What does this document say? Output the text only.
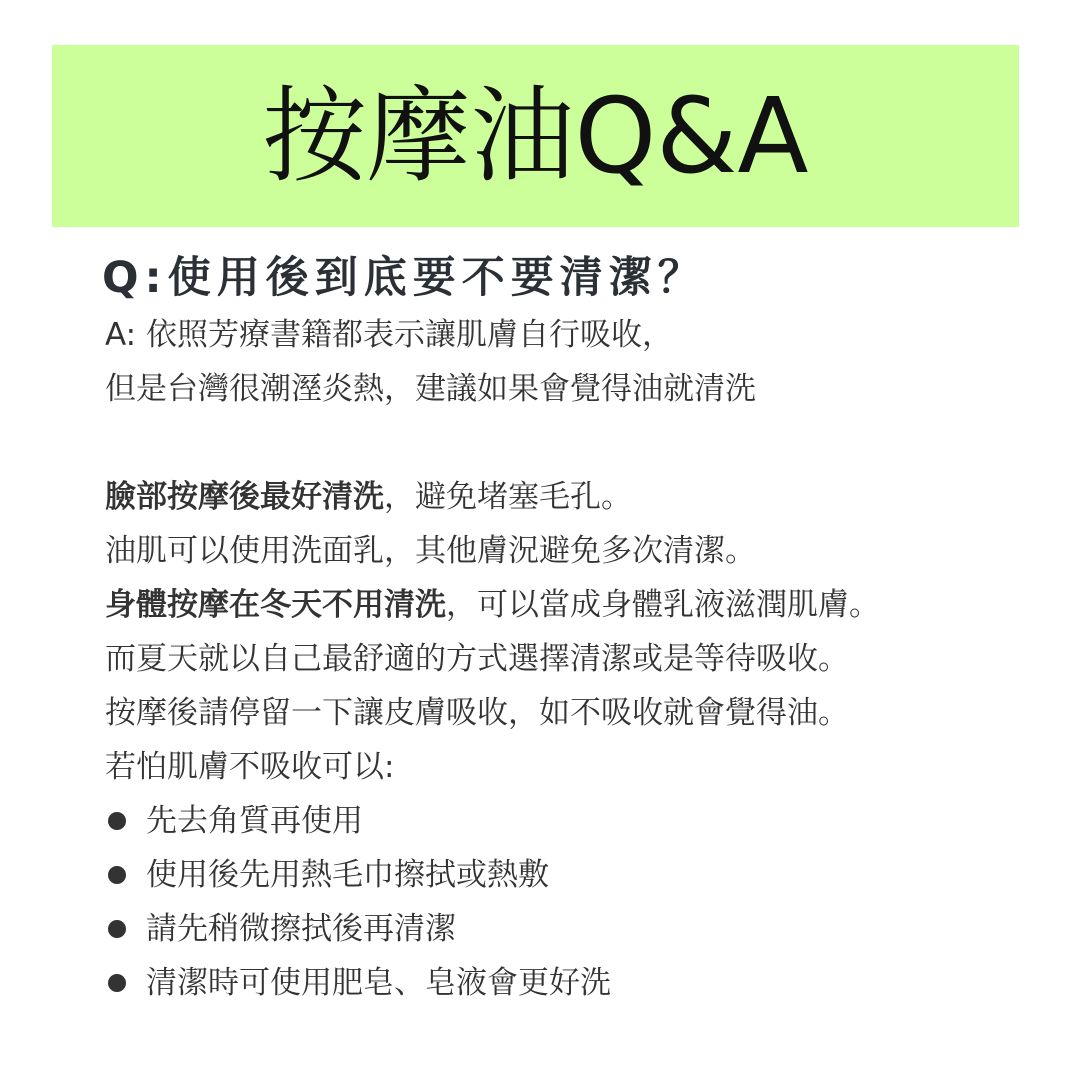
按摩油Q&A
Q:使用後到底要不要清潔？
A: 依照芳療書籍都表示讓肌膚自行吸收，
但是台灣很潮溼炎熱，建議如果會覺得油就清洗
臉部按摩後最好清洗，避免堵塞毛孔。
油肌可以使用洗面乳，其他膚況避免多次清潔。
身體按摩在冬天不用清洗，可以當成身體乳液滋潤肌膚。
而夏天就以自己最舒適的方式選擇清潔或是等待吸收。
按摩後請停留一下讓皮膚吸收，如不吸收就會覺得油。
若怕肌膚不吸收可以:
先去角質再使用
使用後先用熱毛巾擦拭或熱敷
請先稍微擦拭後再清潔
清潔時可使用肥皂、皂液會更好洗
